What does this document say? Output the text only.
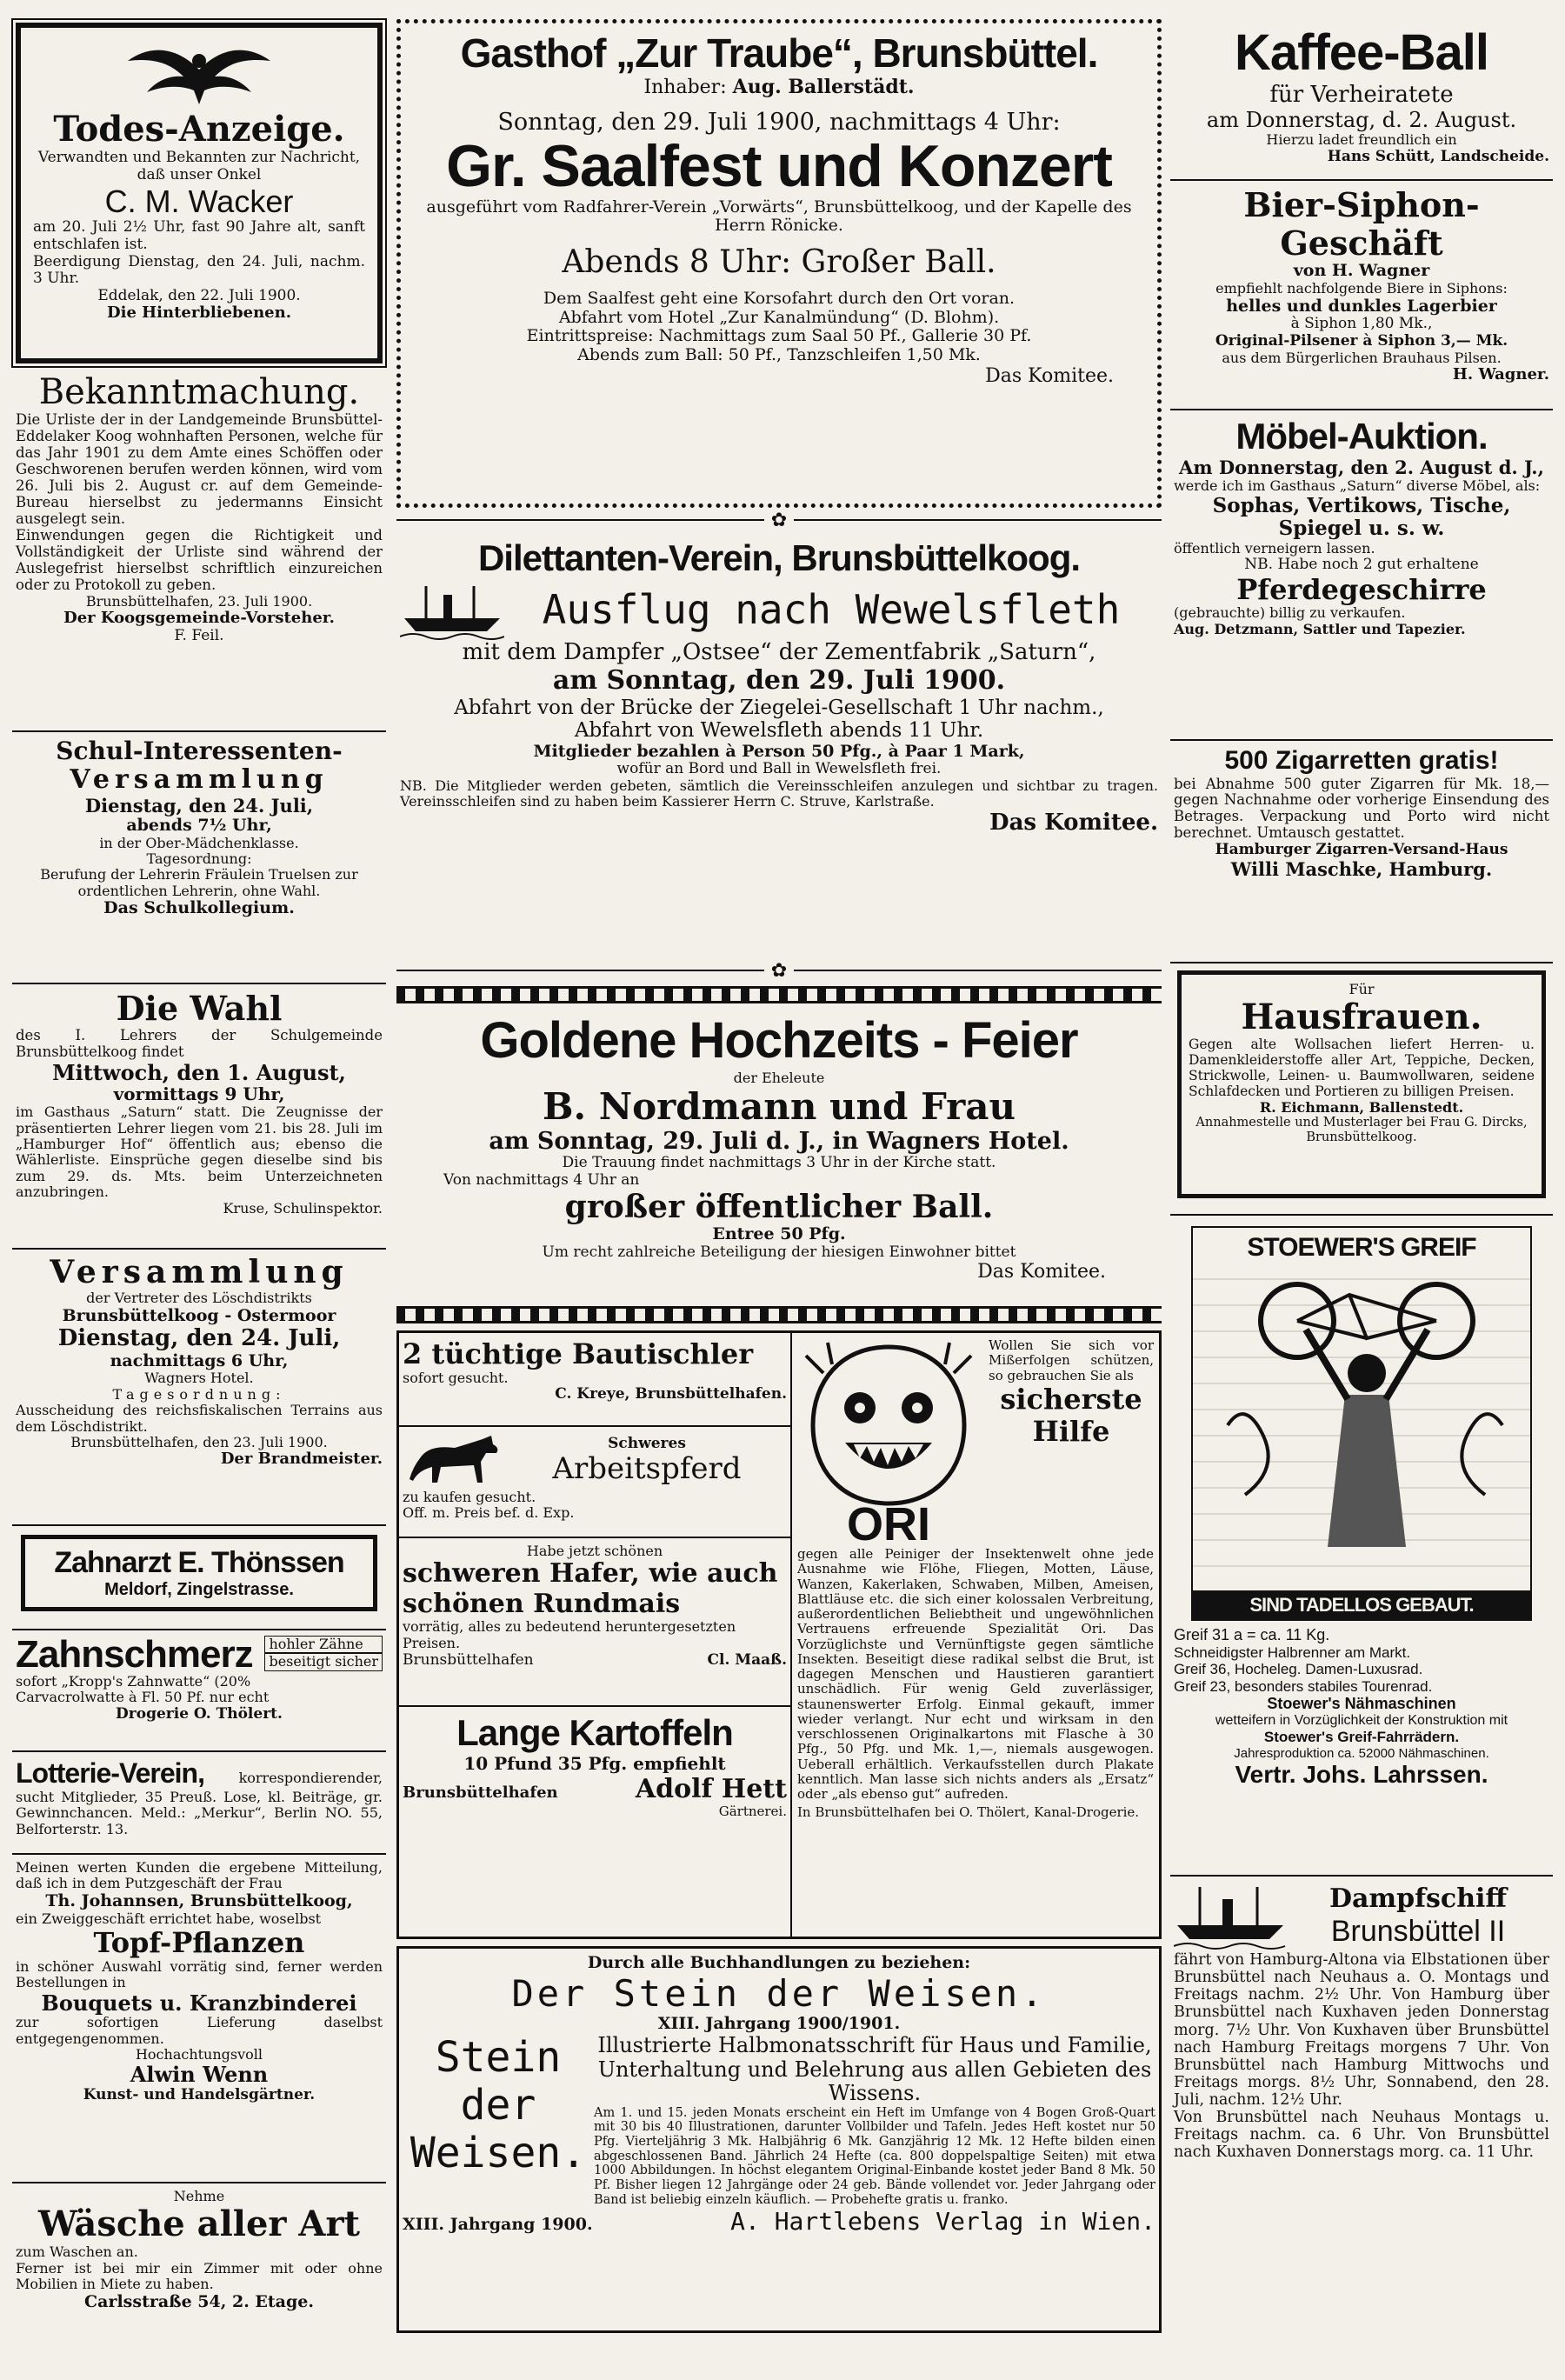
Todes-Anzeige.

Verwandten und Bekannten zur Nachricht, daß unser Onkel

C. M. Wacker

am 20. Juli 2½ Uhr, fast 90 Jahre alt, sanft entschlafen ist.

Beerdigung Dienstag, den 24. Juli, nachm. 3 Uhr.

Eddelak, den 22. Juli 1900.

Die Hinterbliebenen.

Bekanntmachung.

Die Urliste der in der Landgemeinde Brunsbüttel-Eddelaker Koog wohnhaften Personen, welche für das Jahr 1901 zu dem Amte eines Schöffen oder Geschworenen berufen werden können, wird vom 26. Juli bis 2. August cr. auf dem Gemeinde-Bureau hierselbst zu jedermanns Einsicht ausgelegt sein.

Einwendungen gegen die Richtigkeit und Vollständigkeit der Urliste sind während der Auslegefrist hierselbst schriftlich einzureichen oder zu Protokoll zu geben.

Brunsbüttelhafen, 23. Juli 1900.

Der Koogsgemeinde-Vorsteher.

F. Feil.

Schul-Interessenten-

Versammlung

Dienstag, den 24. Juli,

abends 7½ Uhr,

in der Ober-Mädchenklasse.

Tagesordnung:

Berufung der Lehrerin Fräulein Truelsen zur ordentlichen Lehrerin, ohne Wahl.

Das Schulkollegium.

Die Wahl

des I. Lehrers der Schulgemeinde Brunsbüttelkoog findet

Mittwoch, den 1. August,

vormittags 9 Uhr,

im Gasthaus „Saturn“ statt. Die Zeugnisse der präsentierten Lehrer liegen vom 21. bis 28. Juli im „Hamburger Hof“ öffentlich aus; ebenso die Wählerliste. Einsprüche gegen dieselbe sind bis zum 29. ds. Mts. beim Unterzeichneten anzubringen.

Kruse, Schulinspektor.

Versammlung

der Vertreter des Löschdistrikts

Brunsbüttelkoog - Ostermoor

Dienstag, den 24. Juli,

nachmittags 6 Uhr,

Wagners Hotel.

Tagesordnung:

Ausscheidung des reichsfiskalischen Terrains aus dem Löschdistrikt.

Brunsbüttelhafen, den 23. Juli 1900.

Der Brandmeister.

Zahnarzt E. Thönssen

Meldorf, Zingelstrasse.

Zahnschmerz	hohler Zähne

beseitigt sicher

sofort „Kropp's Zahnwatte“ (20%

Carvacrolwatte à Fl. 50 Pf. nur echt

Drogerie O. Thölert.

Lotterie-Verein, korrespondierender, sucht Mitglieder, 35 Preuß. Lose, kl. Beiträge, gr. Gewinnchancen. Meld.: „Merkur“, Berlin NO. 55, Belforterstr. 13.

Meinen werten Kunden die ergebene Mitteilung, daß ich in dem Putzgeschäft der Frau

Th. Johannsen, Brunsbüttelkoog,

ein Zweiggeschäft errichtet habe, woselbst

Topf-Pflanzen

in schöner Auswahl vorrätig sind, ferner werden Bestellungen in

Bouquets u. Kranzbinderei

zur sofortigen Lieferung daselbst entgegengenommen.

Hochachtungsvoll

Alwin Wenn

Kunst- und Handelsgärtner.

Nehme

Wäsche aller Art

zum Waschen an.

Ferner ist bei mir ein Zimmer mit oder ohne Mobilien in Miete zu haben.

Carlsstraße 54, 2. Etage.

Gasthof „Zur Traube“, Brunsbüttel.

Inhaber: Aug. Ballerstädt.

Sonntag, den 29. Juli 1900, nachmittags 4 Uhr:

Gr. Saalfest und Konzert

ausgeführt vom Radfahrer-Verein „Vorwärts“, Brunsbüttelkoog, und der Kapelle des Herrn Rönicke.

Abends 8 Uhr: Großer Ball.

Dem Saalfest geht eine Korsofahrt durch den Ort voran.

Abfahrt vom Hotel „Zur Kanalmündung“ (D. Blohm).

Eintrittspreise: Nachmittags zum Saal 50 Pf., Gallerie 30 Pf.

Abends zum Ball: 50 Pf., Tanzschleifen 1,50 Mk.

Das Komitee.

✿

Dilettanten-Verein, Brunsbüttelkoog.

Ausflug nach Wewelsfleth

mit dem Dampfer „Ostsee“ der Zementfabrik „Saturn“,

am Sonntag, den 29. Juli 1900.

Abfahrt von der Brücke der Ziegelei-Gesellschaft 1 Uhr nachm.,

Abfahrt von Wewelsfleth abends 11 Uhr.

Mitglieder bezahlen à Person 50 Pfg., à Paar 1 Mark,

wofür an Bord und Ball in Wewelsfleth frei.

NB. Die Mitglieder werden gebeten, sämtlich die Vereinsschleifen anzulegen und sichtbar zu tragen. Vereinsschleifen sind zu haben beim Kassierer Herrn C. Struve, Karlstraße.

Das Komitee.

✿

Goldene Hochzeits - Feier

der Eheleute

B. Nordmann und Frau

am Sonntag, 29. Juli d. J., in Wagners Hotel.

Die Trauung findet nachmittags 3 Uhr in der Kirche statt.

Von nachmittags 4 Uhr an

großer öffentlicher Ball.

Entree 50 Pfg.

Um recht zahlreiche Beteiligung der hiesigen Einwohner bittet

Das Komitee.

2 tüchtige Bautischler

sofort gesucht.

C. Kreye, Brunsbüttelhafen.

Schweres

Arbeitspferd

zu kaufen gesucht.

Off. m. Preis bef. d. Exp.

Habe jetzt schönen

schweren Hafer, wie auch

schönen Rundmais

vorrätig, alles zu bedeutend heruntergesetzten Preisen.

Brunsbüttelhafen	Cl. Maaß.

Lange Kartoffeln

10 Pfund 35 Pfg. empfiehlt

Brunsbüttelhafen	Adolf Hett

Gärtnerei.

ORI

Wollen Sie sich vor Mißerfolgen schützen, so gebrauchen Sie als

sicherste

Hilfe

gegen alle Peiniger der Insektenwelt ohne jede Ausnahme wie Flöhe, Fliegen, Motten, Läuse, Wanzen, Kakerlaken, Schwaben, Milben, Ameisen, Blattläuse etc. die sich einer kolossalen Verbreitung, außerordentlichen Beliebtheit und ungewöhnlichen Vertrauens erfreuende Spezialität Ori. Das Vorzüglichste und Vernünftigste gegen sämtliche Insekten. Beseitigt diese radikal selbst die Brut, ist dagegen Menschen und Haustieren garantiert unschädlich. Für wenig Geld zuverlässiger, staunenswerter Erfolg. Einmal gekauft, immer wieder verlangt. Nur echt und wirksam in den verschlossenen Originalkartons mit Flasche à 30 Pfg., 50 Pfg. und Mk. 1,—, niemals ausgewogen. Ueberall erhältlich. Verkaufsstellen durch Plakate kenntlich. Man lasse sich nichts anders als „Ersatz“ oder „als ebenso gut“ aufreden.

In Brunsbüttelhafen bei O. Thölert, Kanal-Drogerie.

Durch alle Buchhandlungen zu beziehen:

Der Stein der Weisen.

XIII. Jahrgang 1900/1901.

Stein

der

Weisen.

Illustrierte Halbmonatsschrift für Haus und Familie, Unterhaltung und Belehrung aus allen Gebieten des Wissens.

Am 1. und 15. jeden Monats erscheint ein Heft im Umfange von 4 Bogen Groß-Quart mit 30 bis 40 Illustrationen, darunter Vollbilder und Tafeln. Jedes Heft kostet nur 50 Pfg. Vierteljährig 3 Mk. Halbjährig 6 Mk. Ganzjährig 12 Mk. 12 Hefte bilden einen abgeschlossenen Band. Jährlich 24 Hefte (ca. 800 doppelspaltige Seiten) mit etwa 1000 Abbildungen. In höchst elegantem Original-Einbande kostet jeder Band 8 Mk. 50 Pf. Bisher liegen 12 Jahrgänge oder 24 geb. Bände vollendet vor. Jeder Jahrgang oder Band ist beliebig einzeln käuflich. — Probehefte gratis u. franko.

XIII. Jahrgang 1900.	A. Hartlebens Verlag in Wien.

Kaffee-Ball

für Verheiratete

am Donnerstag, d. 2. August.

Hierzu ladet freundlich ein

Hans Schütt, Landscheide.

Bier-Siphon-Geschäft

von H. Wagner

empfiehlt nachfolgende Biere in Siphons:

helles und dunkles Lagerbier

à Siphon 1,80 Mk.,

Original-Pilsener à Siphon 3,— Mk.

aus dem Bürgerlichen Brauhaus Pilsen.

H. Wagner.

Möbel-Auktion.

Am Donnerstag, den 2. August d. J.,

werde ich im Gasthaus „Saturn“ diverse Möbel, als:

Sophas, Vertikows, Tische, Spiegel u. s. w.

öffentlich verneigern lassen.

NB. Habe noch 2 gut erhaltene

Pferdegeschirre

(gebrauchte) billig zu verkaufen.

Aug. Detzmann, Sattler und Tapezier.

500 Zigarretten gratis!

bei Abnahme 500 guter Zigarren für Mk. 18,— gegen Nachnahme oder vorherige Einsendung des Betrages. Verpackung und Porto wird nicht berechnet. Umtausch gestattet.

Hamburger Zigarren-Versand-Haus

Willi Maschke, Hamburg.

Für

Hausfrauen.

Gegen alte Wollsachen liefert Herren- u. Damenkleiderstoffe aller Art, Teppiche, Decken, Strickwolle, Leinen- u. Baumwollwaren, seidene Schlafdecken und Portieren zu billigen Preisen.

R. Eichmann, Ballenstedt.

Annahmestelle und Musterlager bei Frau G. Dircks, Brunsbüttelkoog.

STOEWER'S GREIF

SIND TADELLOS GEBAUT.

Greif 31 a = ca. 11 Kg.

Schneidigster Halbrenner am Markt.

Greif 36, Hocheleg. Damen-Luxusrad.

Greif 23, besonders stabiles Tourenrad.

Stoewer's Nähmaschinen

wetteifern in Vorzüglichkeit der Konstruktion mit

Stoewer's Greif-Fahrrädern.

Jahresproduktion ca. 52000 Nähmaschinen.

Vertr. Johs. Lahrssen.

Dampfschiff

Brunsbüttel II

fährt von Hamburg-Altona via Elbstationen über Brunsbüttel nach Neuhaus a. O. Montags und Freitags nachm. 2½ Uhr. Von Hamburg über Brunsbüttel nach Kuxhaven jeden Donnerstag morg. 7½ Uhr. Von Kuxhaven über Brunsbüttel nach Hamburg Freitags morgens 7 Uhr. Von Brunsbüttel nach Hamburg Mittwochs und Freitags morgs. 8½ Uhr, Sonnabend, den 28. Juli, nachm. 12½ Uhr.

Von Brunsbüttel nach Neuhaus Montags u. Freitags nachm. ca. 6 Uhr. Von Brunsbüttel nach Kuxhaven Donnerstags morg. ca. 11 Uhr.
